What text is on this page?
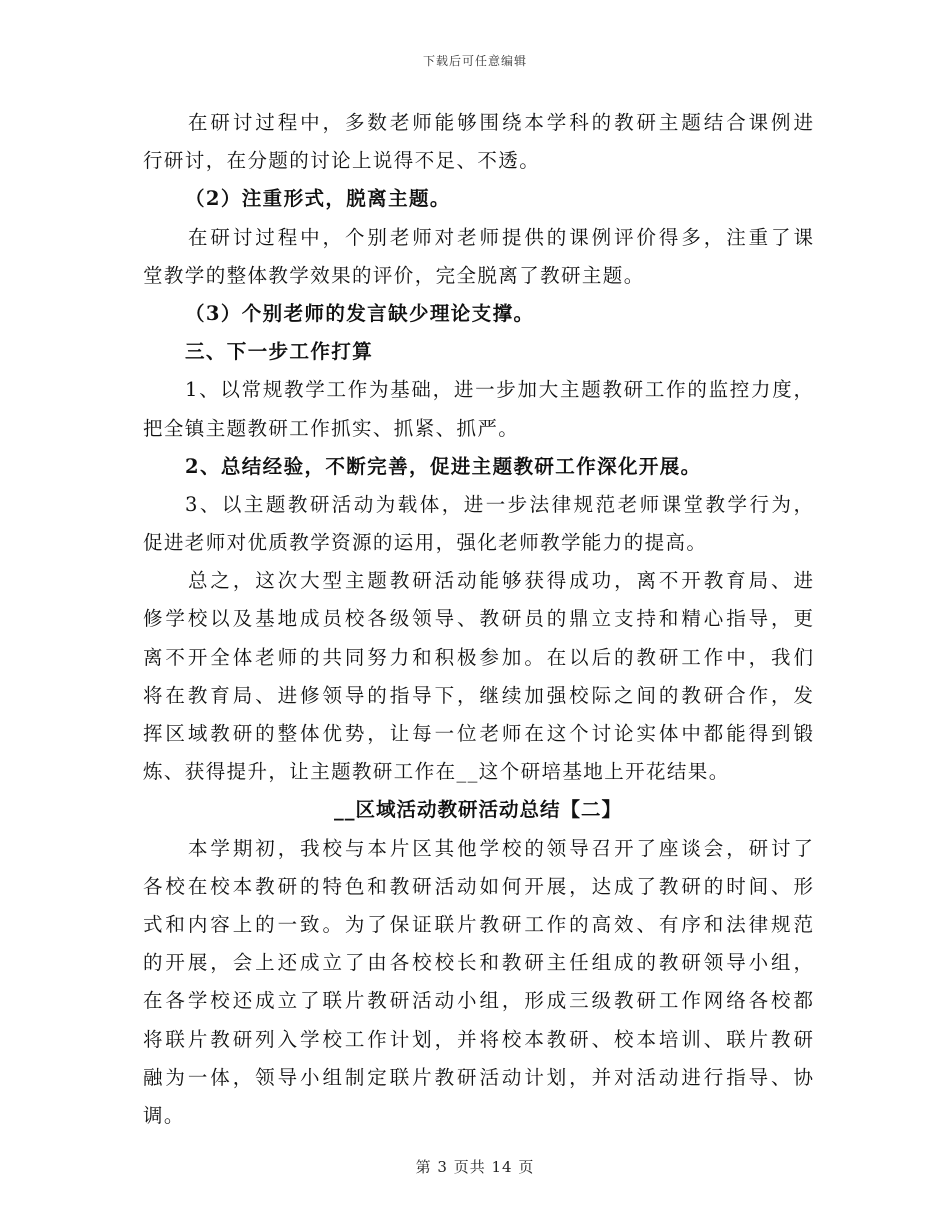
下载后可任意编辑
在研讨过程中，多数老师能够围绕本学科的教研主题结合课例进
行研讨，在分题的讨论上说得不足、不透。
（2）注重形式，脱离主题。
在研讨过程中，个别老师对老师提供的课例评价得多，注重了课
堂教学的整体教学效果的评价，完全脱离了教研主题。
（3）个别老师的发言缺少理论支撑。
三、下一步工作打算
1、以常规教学工作为基础，进一步加大主题教研工作的监控力度，
把全镇主题教研工作抓实、抓紧、抓严。
2、总结经验，不断完善，促进主题教研工作深化开展。
3、以主题教研活动为载体，进一步法律规范老师课堂教学行为，
促进老师对优质教学资源的运用，强化老师教学能力的提高。
总之，这次大型主题教研活动能够获得成功，离不开教育局、进
修学校以及基地成员校各级领导、教研员的鼎立支持和精心指导，更
离不开全体老师的共同努力和积极参加。在以后的教研工作中，我们
将在教育局、进修领导的指导下，继续加强校际之间的教研合作，发
挥区域教研的整体优势，让每一位老师在这个讨论实体中都能得到锻
炼、获得提升，让主题教研工作在__这个研培基地上开花结果。
__区域活动教研活动总结【二】
本学期初，我校与本片区其他学校的领导召开了座谈会，研讨了
各校在校本教研的特色和教研活动如何开展，达成了教研的时间、形
式和内容上的一致。为了保证联片教研工作的高效、有序和法律规范
的开展，会上还成立了由各校校长和教研主任组成的教研领导小组，
在各学校还成立了联片教研活动小组，形成三级教研工作网络各校都
将联片教研列入学校工作计划，并将校本教研、校本培训、联片教研
融为一体，领导小组制定联片教研活动计划，并对活动进行指导、协
调。
第 3 页共 14 页
